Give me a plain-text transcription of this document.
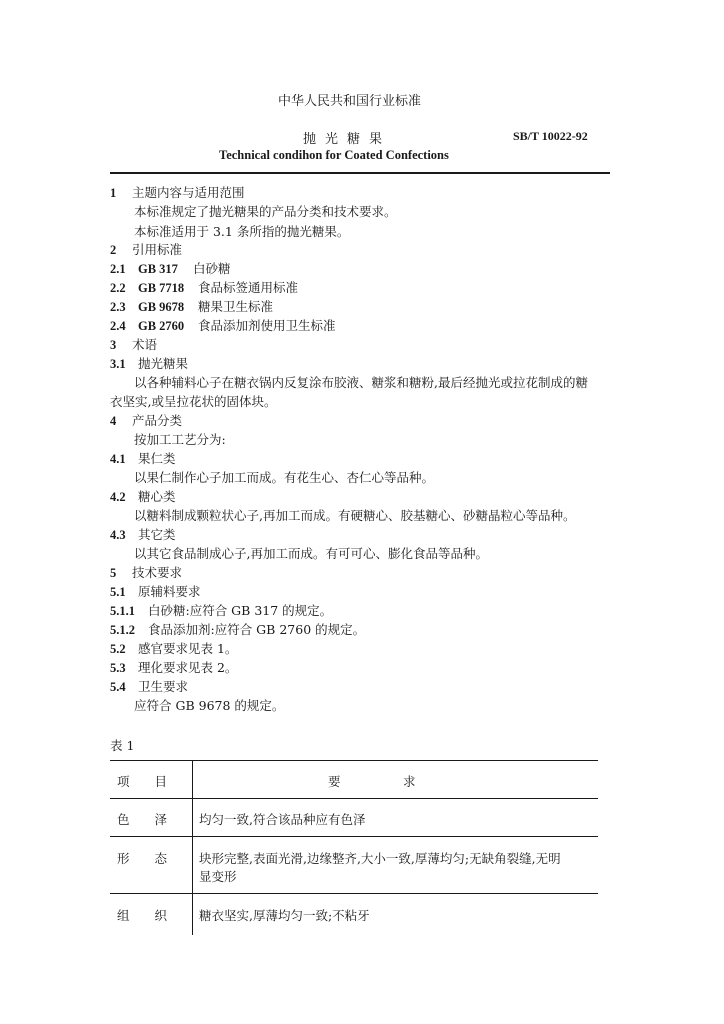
中华人民共和国行业标准
抛光糖果	SB/T 10022-92
Technical condihon for Coated Confections
1 主题内容与适用范围
本标准规定了抛光糖果的产品分类和技术要求。
本标准适用于 3.1 条所指的抛光糖果。
2 引用标准
2.1 GB 317 白砂糖
2.2 GB 7718 食品标签通用标准
2.3 GB 9678 糖果卫生标准
2.4 GB 2760 食品添加剂使用卫生标准
3 术语
3.1 抛光糖果
以各种辅料心子在糖衣锅内反复涂布胶液、糖浆和糖粉,最后经抛光或拉花制成的糖
衣坚实,或呈拉花状的固体块。
4 产品分类
按加工工艺分为:
4.1 果仁类
以果仁制作心子加工而成。有花生心、杏仁心等品种。
4.2 糖心类
以糖料制成颗粒状心子,再加工而成。有硬糖心、胶基糖心、砂糖晶粒心等品种。
4.3 其它类
以其它食品制成心子,再加工而成。有可可心、膨化食品等品种。
5 技术要求
5.1 原辅料要求
5.1.1 白砂糖:应符合 GB 317 的规定。
5.1.2 食品添加剂:应符合 GB 2760 的规定。
5.2 感官要求见表 1。
5.3 理化要求见表 2。
5.4 卫生要求
应符合 GB 9678 的规定。
表 1
项　　目	要　　　　　求
色　　泽	均匀一致,符合该品种应有色泽
形　　态	块形完整,表面光滑,边缘整齐,大小一致,厚薄均匀;无缺角裂缝,无明
显变形
组　　织	糖衣坚实,厚薄均匀一致;不粘牙
